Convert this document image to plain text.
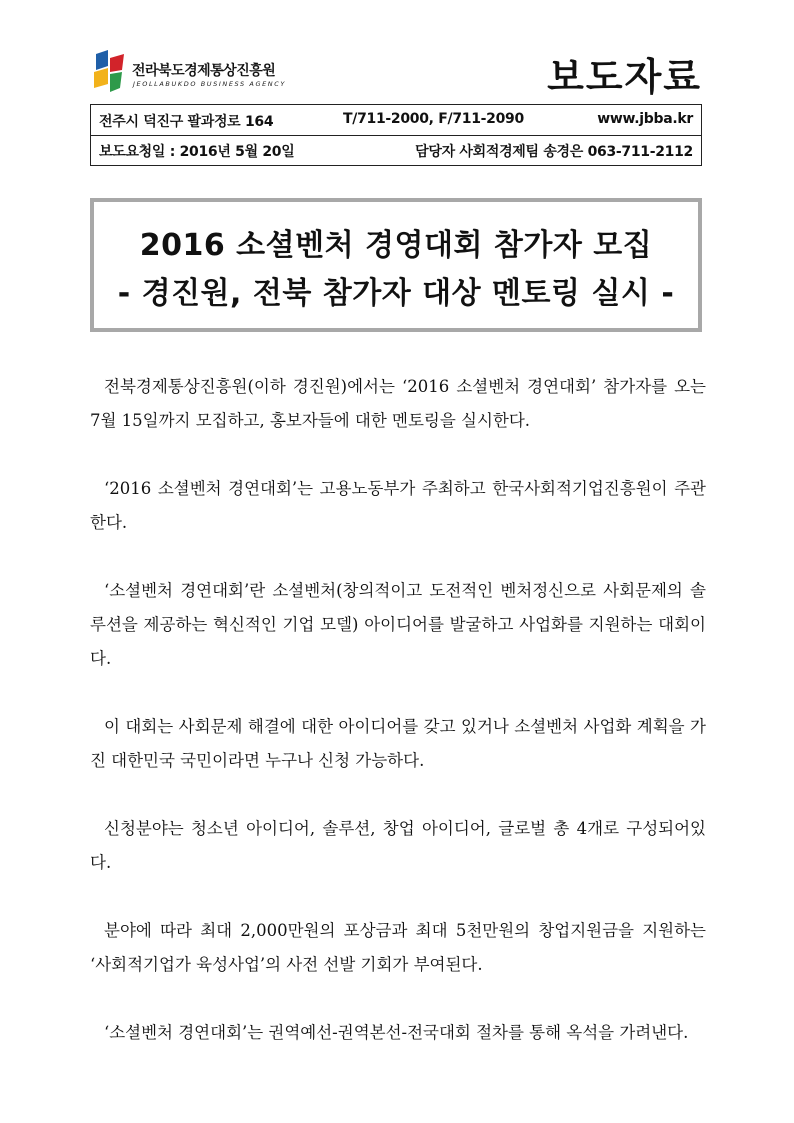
전라북도경제통상진흥원
JEOLLABUKDO BUSINESS AGENCY	보도자료
전주시 덕진구 팔과정로 164	T/711-2000, F/711-2090	www.jbba.kr
보도요청일 : 2016년 5월 20일	담당자 사회적경제팀 송경은 063-711-2112
2016 소셜벤처 경영대회 참가자 모집
- 경진원, 전북 참가자 대상 멘토링 실시 -

전북경제통상진흥원(이하 경진원)에서는 ‘2016 소셜벤처 경연대회’ 참가자를 오는 7월 15일까지 모집하고, 홍보자들에 대한 멘토링을 실시한다.

‘2016 소셜벤처 경연대회’는 고용노동부가 주최하고 한국사회적기업진흥원이 주관한다.

‘소셜벤처 경연대회’란 소셜벤처(창의적이고 도전적인 벤처정신으로 사회문제의 솔루션을 제공하는 혁신적인 기업 모델) 아이디어를 발굴하고 사업화를 지원하는 대회이다.

이 대회는 사회문제 해결에 대한 아이디어를 갖고 있거나 소셜벤처 사업화 계획을 가진 대한민국 국민이라면 누구나 신청 가능하다.

신청분야는 청소년 아이디어, 솔루션, 창업 아이디어, 글로벌 총 4개로 구성되어있다.

분야에 따라 최대 2,000만원의 포상금과 최대 5천만원의 창업지원금을 지원하는 ‘사회적기업가 육성사업’의 사전 선발 기회가 부여된다.

‘소셜벤처 경연대회’는 권역예선-권역본선-전국대회 절차를 통해 옥석을 가려낸다.
